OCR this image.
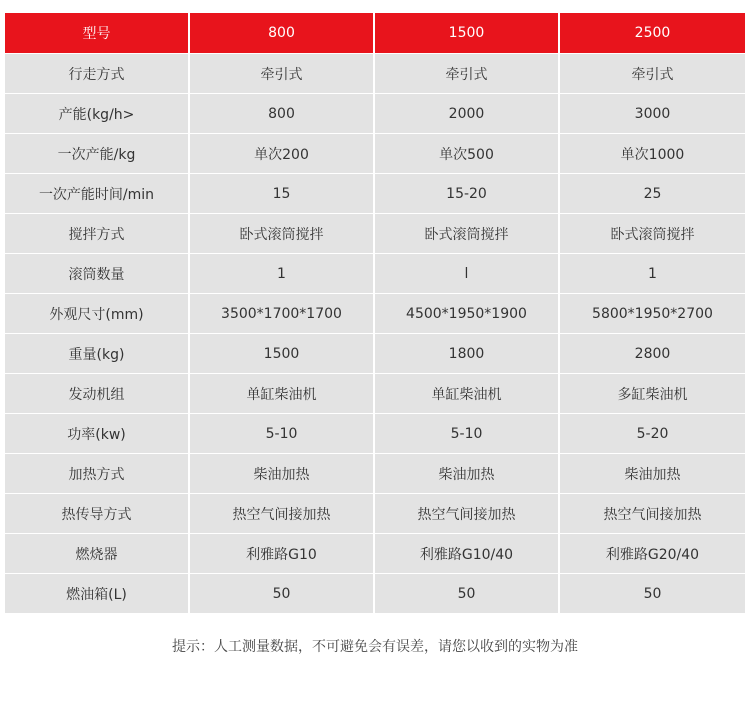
型号	800	1500	2500
行走方式	牵引式	牵引式	牵引式
产能(kg/h>	800	2000	3000
一次产能/kg	单次200	单次500	单次1000
一次产能时间/min	15	15-20	25
搅拌方式	卧式滚筒搅拌	卧式滚筒搅拌	卧式滚筒搅拌
滚筒数量	1	l	1
外观尺寸(mm)	3500*1700*1700	4500*1950*1900	5800*1950*2700
重量(kg)	1500	1800	2800
发动机组	单缸柴油机	单缸柴油机	多缸柴油机
功率(kw)	5-10	5-10	5-20
加热方式	柴油加热	柴油加热	柴油加热
热传导方式	热空气间接加热	热空气间接加热	热空气间接加热
燃烧器	利雅路G10	利雅路G10/40	利雅路G20/40
燃油箱(L)	50	50	50
提示：人工测量数据，不可避免会有误差，请您以收到的实物为准
